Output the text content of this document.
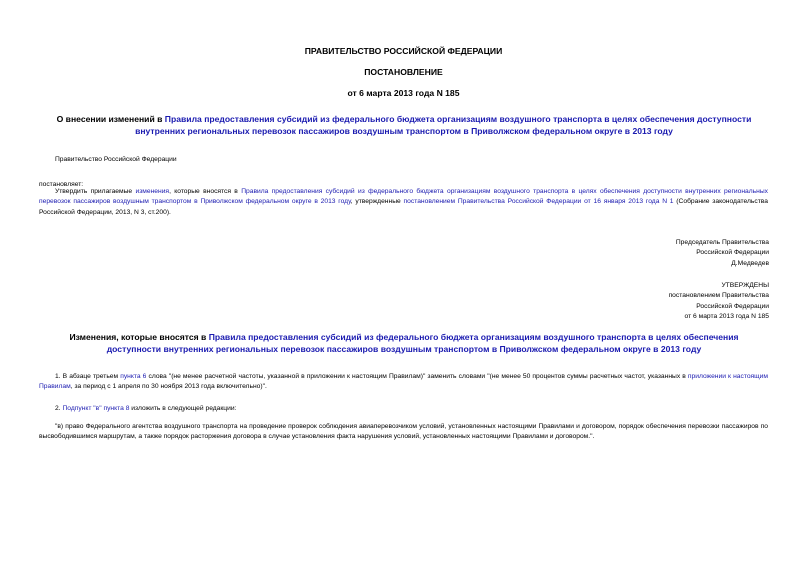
ПРАВИТЕЛЬСТВО РОССИЙСКОЙ ФЕДЕРАЦИИ
ПОСТАНОВЛЕНИЕ
от 6 марта 2013 года N 185
О внесении изменений в Правила предоставления субсидий из федерального бюджета организациям воздушного транспорта в целях обеспечения доступности внутренних региональных перевозок пассажиров воздушным транспортом в Приволжском федеральном округе в 2013 году
Правительство Российской Федерации
постановляет:
Утвердить прилагаемые изменения, которые вносятся в Правила предоставления субсидий из федерального бюджета организациям воздушного транспорта в целях обеспечения доступности внутренних региональных перевозок пассажиров воздушным транспортом в Приволжском федеральном округе в 2013 году, утвержденные постановлением Правительства Российской Федерации от 16 января 2013 года N 1 (Собрание законодательства Российской Федерации, 2013, N 3, ст.200).
Председатель Правительства
Российской Федерации
Д.Медведев
УТВЕРЖДЕНЫ
постановлением Правительства
Российской Федерации
от 6 марта 2013 года N 185
Изменения, которые вносятся в Правила предоставления субсидий из федерального бюджета организациям воздушного транспорта в целях обеспечения доступности внутренних региональных перевозок пассажиров воздушным транспортом в Приволжском федеральном округе в 2013 году
1. В абзаце третьем пункта 6 слова "(не менее расчетной частоты, указанной в приложении к настоящим Правилам)" заменить словами "(не менее 50 процентов суммы расчетных частот, указанных в приложении к настоящим Правилам, за период с 1 апреля по 30 ноября 2013 года включительно)".
2. Подпункт "в" пункта 8 изложить в следующей редакции:
"в) право Федерального агентства воздушного транспорта на проведение проверок соблюдения авиаперевозчиком условий, установленных настоящими Правилами и договором, порядок обеспечения перевозки пассажиров по высвободившимся маршрутам, а также порядок расторжения договора в случае установления факта нарушения условий, установленных настоящими Правилами и договором.".
